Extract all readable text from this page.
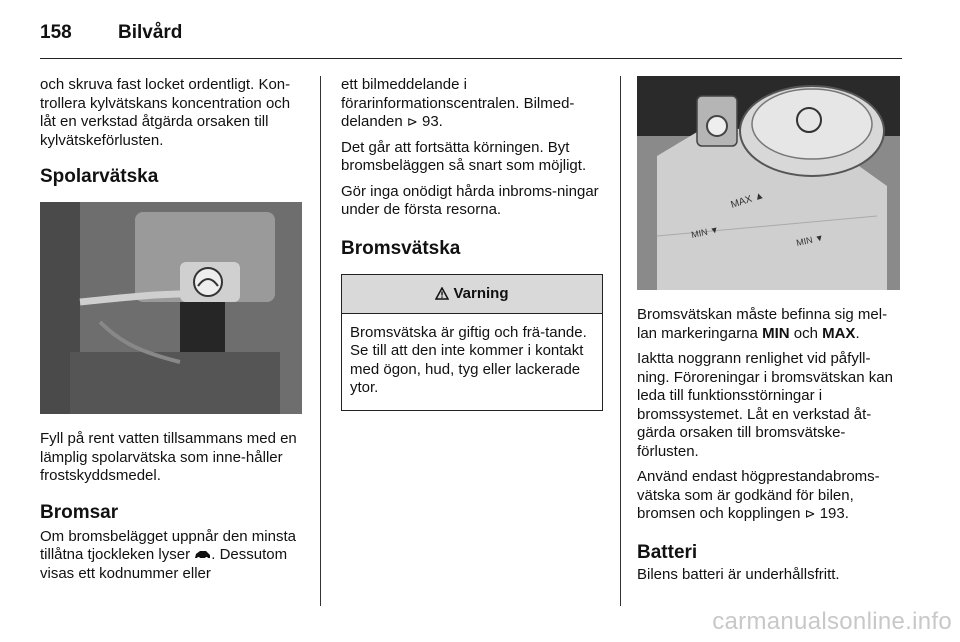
158 Bilvård

och skruva fast locket ordentligt. Kon-trollera kylvätskans koncentration och låt en verkstad åtgärda orsaken till kylvätskeförlusten.

Spolarvätska

Fyll på rent vatten tillsammans med en lämplig spolarvätska som inne-håller frostskyddsmedel.

Bromsar

Om bromsbelägget uppnår den minsta tillåtna tjockleken lyser . Dessutom visas ett kodnummer eller

ett bilmeddelande i förarinformationscentralen. Bilmed-delanden ⊳ 93.

Det går att fortsätta körningen. Byt bromsbeläggen så snart som möjligt.

Gör inga onödigt hårda inbroms-ningar under de första resorna.

Bromsvätska
Varning

Bromsvätska är giftig och frä-tande. Se till att den inte kommer i kontakt med ögon, hud, tyg eller lackerade ytor.

MAX ▲
MIN ▼
MIN ▼

Bromsvätskan måste befinna sig mel-lan markeringarna MIN och MAX.

Iaktta noggrann renlighet vid påfyll-ning. Föroreningar i bromsvätskan kan leda till funktionsstörningar i bromssystemet. Låt en verkstad åt-gärda orsaken till bromsvätske-förlusten.

Använd endast högprestandabroms-vätska som är godkänd för bilen, bromsen och kopplingen ⊳ 193.

Batteri

Bilens batteri är underhållsfritt.

carmanualsonline.info
